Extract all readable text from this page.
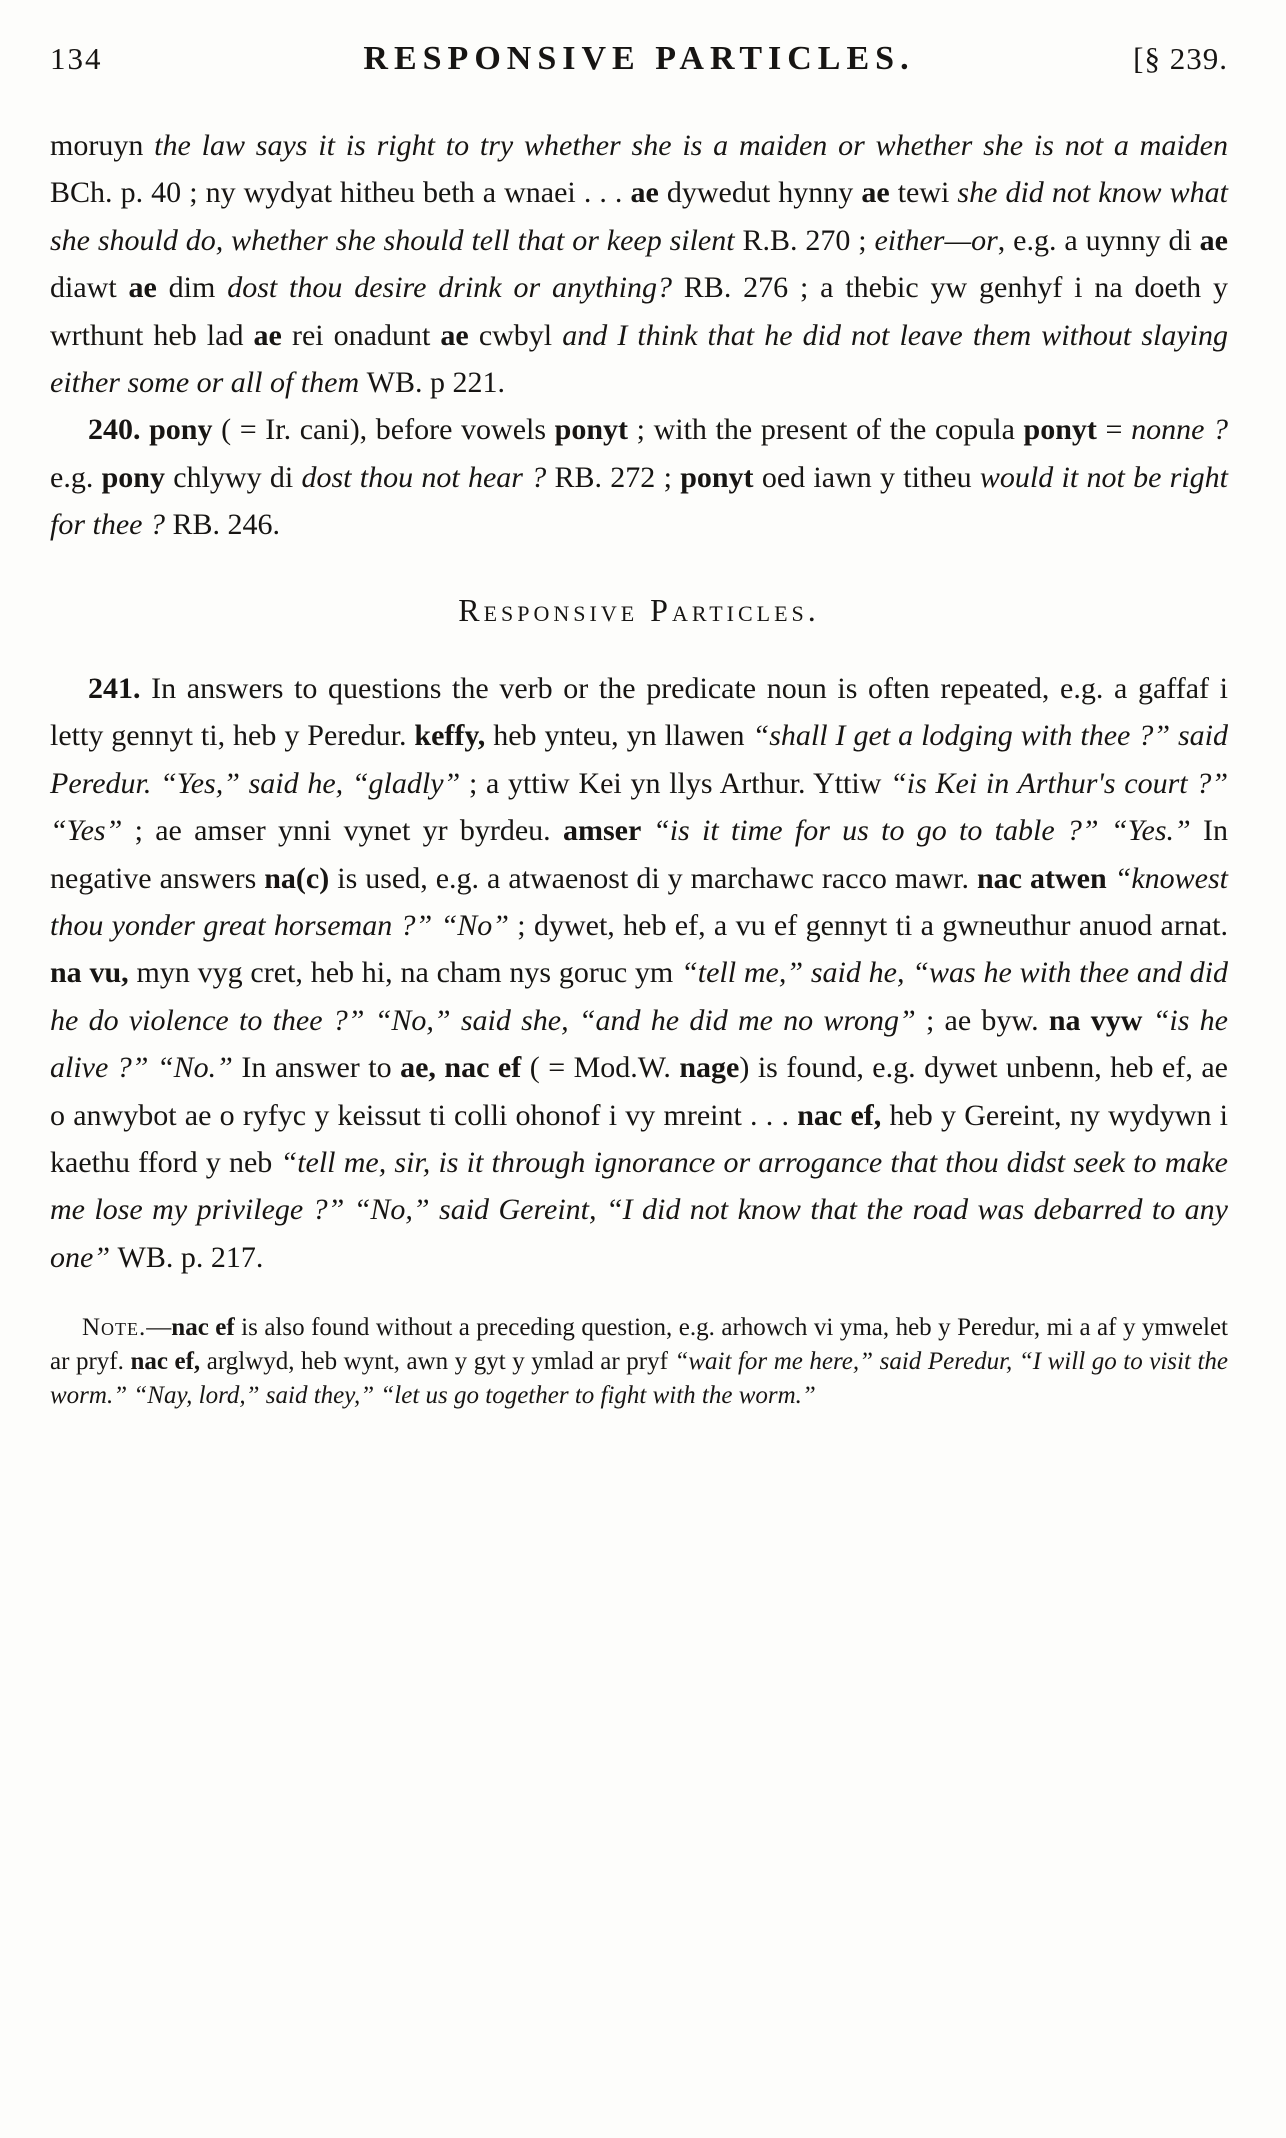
134	RESPONSIVE PARTICLES.	[§ 239.

moruyn the law says it is right to try whether she is a maiden or whether she is not a maiden BCh. p. 40 ; ny wydyat hitheu beth a wnaei . . . ae dywedut hynny ae tewi she did not know what she should do, whether she should tell that or keep silent R.B. 270 ; either—or, e.g. a uynny di ae diawt ae dim dost thou desire drink or anything? RB. 276 ; a thebic yw genhyf i na doeth y wrthunt heb lad ae rei onadunt ae cwbyl and I think that he did not leave them without slaying either some or all of them WB. p 221.

240. pony ( = Ir. cani), before vowels ponyt ; with the present of the copula ponyt = nonne ? e.g. pony chlywy di dost thou not hear ? RB. 272 ; ponyt oed iawn y titheu would it not be right for thee ? RB. 246.

Responsive Particles.

241. In answers to questions the verb or the predicate noun is often repeated, e.g. a gaffaf i letty gennyt ti, heb y Peredur. keffy, heb ynteu, yn llawen “shall I get a lodging with thee ?” said Peredur. “Yes,” said he, “gladly” ; a yttiw Kei yn llys Arthur. Yttiw “is Kei in Arthur's court ?” “Yes” ; ae amser ynni vynet yr byrdeu. amser “is it time for us to go to table ?” “Yes.” In negative answers na(c) is used, e.g. a atwaenost di y marchawc racco mawr. nac atwen “knowest thou yonder great horseman ?” “No” ; dywet, heb ef, a vu ef gennyt ti a gwneuthur anuod arnat. na vu, myn vyg cret, heb hi, na cham nys goruc ym “tell me,” said he, “was he with thee and did he do violence to thee ?” “No,” said she, “and he did me no wrong” ; ae byw. na vyw “is he alive ?” “No.” In answer to ae, nac ef ( = Mod.W. nage) is found, e.g. dywet unbenn, heb ef, ae o anwybot ae o ryfyc y keissut ti colli ohonof i vy mreint . . . nac ef, heb y Gereint, ny wydywn i kaethu fford y neb “tell me, sir, is it through ignorance or arrogance that thou didst seek to make me lose my privilege ?” “No,” said Gereint, “I did not know that the road was debarred to any one” WB. p. 217.

Note.—nac ef is also found without a preceding question, e.g. arhowch vi yma, heb y Peredur, mi a af y ymwelet ar pryf. nac ef, arglwyd, heb wynt, awn y gyt y ymlad ar pryf “wait for me here,” said Peredur, “I will go to visit the worm.” “Nay, lord,” said they,” “let us go together to fight with the worm.”
